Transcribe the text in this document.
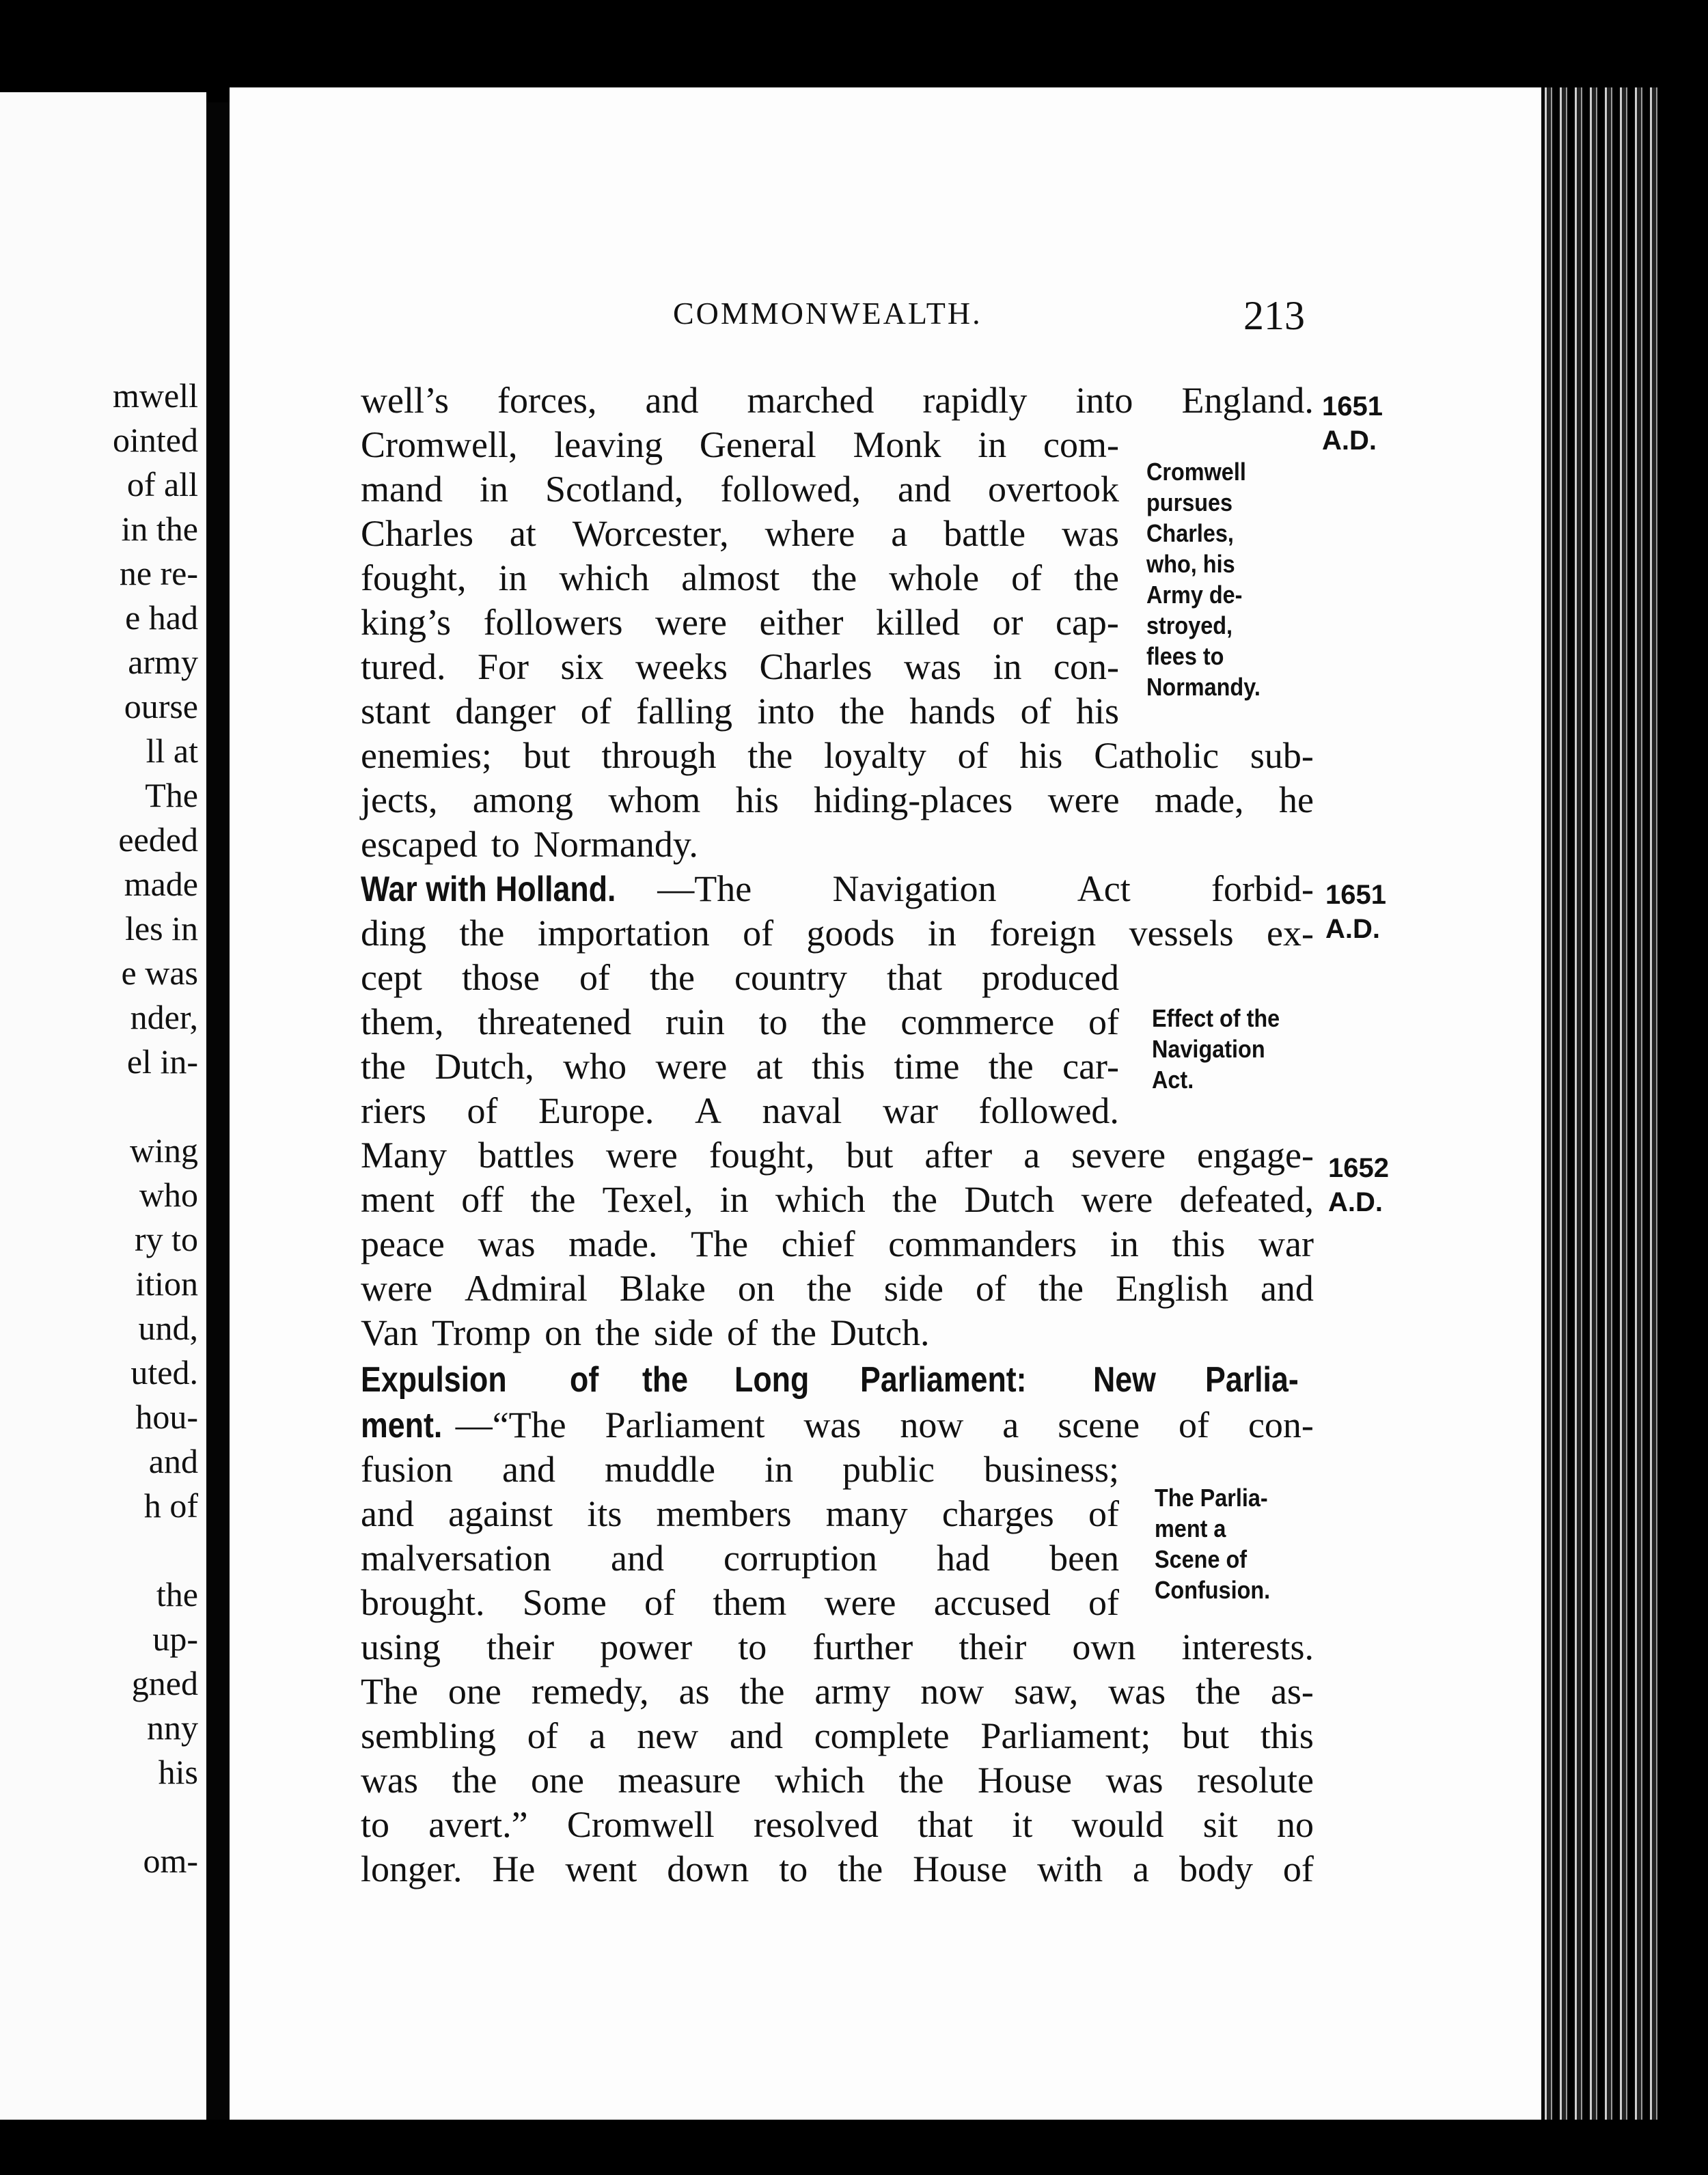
mwell
ointed
of all
in the
ne re-
e had
army
ourse
ll at
The
eeded
made
les in
e was
nder,
el in-
wing
who
ry to
ition
und,
uted.
hou-
and
h of
the
up-
gned
nny
his
om-
COMMONWEALTH.	213
well’s forces, and marched rapidly into England.
Cromwell, leaving General Monk in com-
mand in Scotland, followed, and overtook
Charles at Worcester, where a battle was
fought, in which almost the whole of the
king’s followers were either killed or cap-
tured. For six weeks Charles was in con-
stant danger of falling into the hands of his
enemies; but through the loyalty of his Catholic sub-
jects, among whom his hiding-places were made, he
escaped to Normandy.
War with Holland. —The Navigation Act forbid-
ding the importation of goods in foreign vessels ex-
cept those of the country that produced
them, threatened ruin to the commerce of
the Dutch, who were at this time the car-
riers of Europe. A naval war followed.
Many battles were fought, but after a severe engage-
ment off the Texel, in which the Dutch were defeated,
peace was made. The chief commanders in this war
were Admiral Blake on the side of the English and
Van Tromp on the side of the Dutch.
Expulsion of the Long Parliament: New Parlia-
ment. —“The Parliament was now a scene of con-
fusion and muddle in public business;
and against its members many charges of
malversation and corruption had been
brought. Some of them were accused of
using their power to further their own interests.
The one remedy, as the army now saw, was the as-
sembling of a new and complete Parliament; but this
was the one measure which the House was resolute
to avert.” Cromwell resolved that it would sit no
longer. He went down to the House with a body of
Cromwell
pursues
Charles,
who, his
Army de-
stroyed,
flees to
Normandy.
Effect of the
Navigation
Act.
The Parlia-
ment a
Scene of
Confusion.
1651
A.D.
1651
A.D.
1652
A.D.
